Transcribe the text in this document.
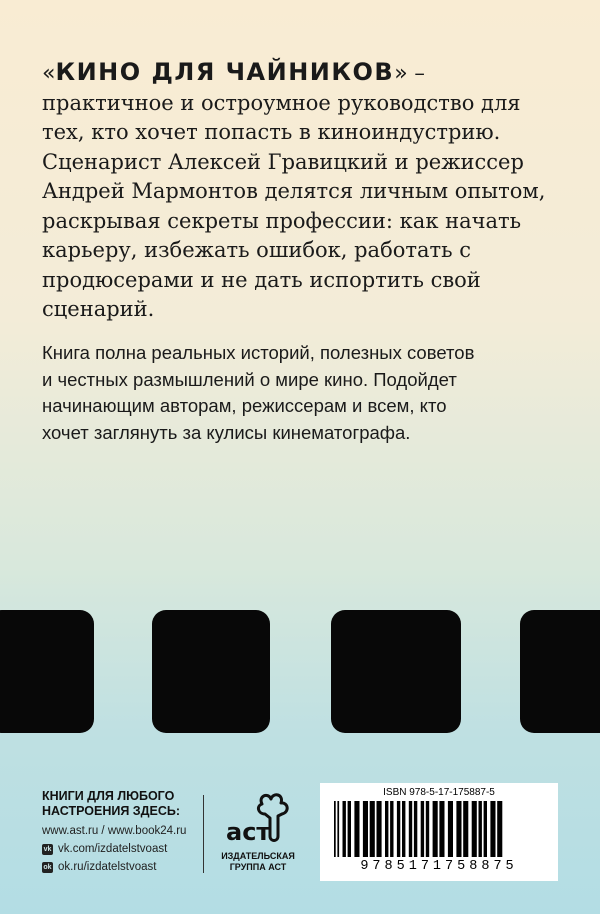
«КИНО ДЛЯ ЧАЙНИКОВ» – практичное и остроумное руководство для тех, кто хочет попасть в киноиндустрию. Сценарист Алексей Гравицкий и режиссер Андрей Мармонтов делятся личным опытом, раскрывая секреты профессии: как начать карьеру, избежать ошибок, работать с продюсерами и не дать испортить свой сценарий.

Книга полна реальных историй, полезных советов и честных размышлений о мире кино. Подойдет начинающим авторам, режиссерам и всем, кто хочет заглянуть за кулисы кинематографа.

КНИГИ ДЛЯ ЛЮБОГО НАСТРОЕНИЯ ЗДЕСЬ:

www.ast.ru / www.book24.ru
vk vk.com/izdatelstvoast
ok ok.ru/izdatelstvoast
аст
ИЗДАТЕЛЬСКАЯ ГРУППА АСТ
ISBN 978-5-17-175887-5
9785171758875
